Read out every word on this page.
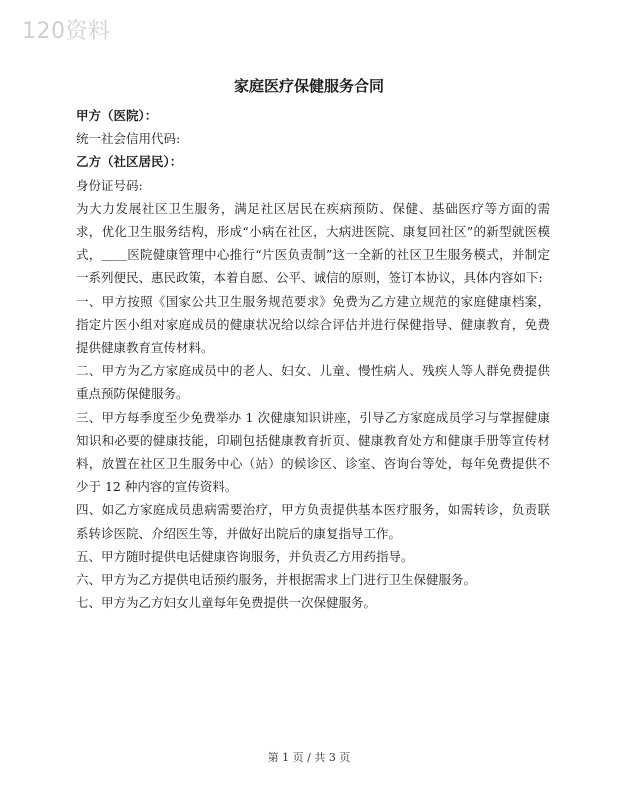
120资料
家庭医疗保健服务合同

甲方（医院）：

统一社会信用代码:

乙方（社区居民）：

身份证号码:

为大力发展社区卫生服务，满足社区居民在疾病预防、保健、基础医疗等方面的需求，优化卫生服务结构，形成“小病在社区，大病进医院、康复回社区”的新型就医模式，＿＿医院健康管理中心推行“片医负责制”这一全新的社区卫生服务模式，并制定一系列便民、惠民政策，本着自愿、公平、诚信的原则，签订本协议，具体内容如下:

一、甲方按照《国家公共卫生服务规范要求》免费为乙方建立规范的家庭健康档案，指定片医小组对家庭成员的健康状况给以综合评估并进行保健指导、健康教育，免费提供健康教育宣传材料。

二、甲方为乙方家庭成员中的老人、妇女、儿童、慢性病人、残疾人等人群免费提供重点预防保健服务。

三、甲方每季度至少免费举办 1 次健康知识讲座，引导乙方家庭成员学习与掌握健康知识和必要的健康技能，印刷包括健康教育折页、健康教育处方和健康手册等宣传材料，放置在社区卫生服务中心（站）的候诊区、诊室、咨询台等处，每年免费提供不少于 12 种内容的宣传资料。

四、如乙方家庭成员患病需要治疗，甲方负责提供基本医疗服务，如需转诊，负责联系转诊医院、介绍医生等，并做好出院后的康复指导工作。

五、甲方随时提供电话健康咨询服务，并负责乙方用药指导。

六、甲方为乙方提供电话预约服务，并根据需求上门进行卫生保健服务。

七、甲方为乙方妇女儿童每年免费提供一次保健服务。

第 1 页 / 共 3 页
